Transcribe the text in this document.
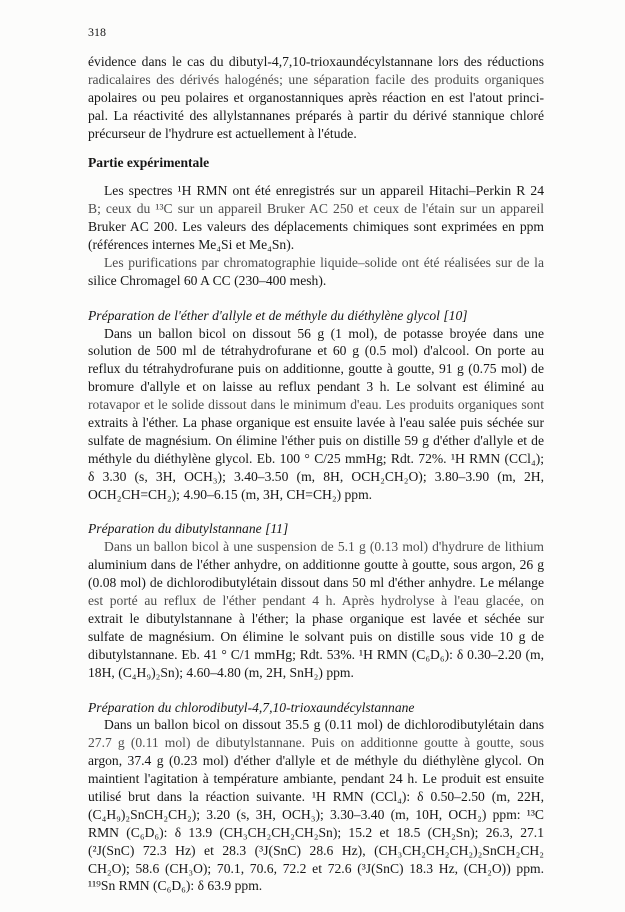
318
évidence dans le cas du dibutyl-4,7,10-trioxaundécylstannane lors des réductions
radicalaires des dérivés halogénés; une séparation facile des produits organiques
apolaires ou peu polaires et organostanniques après réaction en est l'atout princi-
pal. La réactivité des allylstannanes préparés à partir du dérivé stannique chloré
précurseur de l'hydrure est actuellement à l'étude.
Partie expérimentale
Les spectres ¹H RMN ont été enregistrés sur un appareil Hitachi–Perkin R 24
B; ceux du ¹³C sur un appareil Bruker AC 250 et ceux de l'étain sur un appareil
Bruker AC 200. Les valeurs des déplacements chimiques sont exprimées en ppm
(références internes Me₄Si et Me₄Sn).
Les purifications par chromatographie liquide–solide ont été réalisées sur de la
silice Chromagel 60 A CC (230–400 mesh).
Préparation de l'éther d'allyle et de méthyle du diéthylène glycol [10]
Dans un ballon bicol on dissout 56 g (1 mol), de potasse broyée dans une
solution de 500 ml de tétrahydrofurane et 60 g (0.5 mol) d'alcool. On porte au
reflux du tétrahydrofurane puis on additionne, goutte à goutte, 91 g (0.75 mol) de
bromure d'allyle et on laisse au reflux pendant 3 h. Le solvant est éliminé au
rotavapor et le solide dissout dans le minimum d'eau. Les produits organiques sont
extraits à l'éther. La phase organique est ensuite lavée à l'eau salée puis séchée sur
sulfate de magnésium. On élimine l'éther puis on distille 59 g d'éther d'allyle et de
méthyle du diéthylène glycol. Eb. 100 ° C/25 mmHg; Rdt. 72%. ¹H RMN (CCl₄);
δ 3.30 (s, 3H, OCH₃); 3.40–3.50 (m, 8H, OCH₂CH₂O); 3.80–3.90 (m, 2H,
OCH₂CH=CH₂); 4.90–6.15 (m, 3H, CH=CH₂) ppm.
Préparation du dibutylstannane [11]
Dans un ballon bicol à une suspension de 5.1 g (0.13 mol) d'hydrure de lithium
aluminium dans de l'éther anhydre, on additionne goutte à goutte, sous argon, 26 g
(0.08 mol) de dichlorodibutylétain dissout dans 50 ml d'éther anhydre. Le mélange
est porté au reflux de l'éther pendant 4 h. Après hydrolyse à l'eau glacée, on
extrait le dibutylstannane à l'éther; la phase organique est lavée et séchée sur
sulfate de magnésium. On élimine le solvant puis on distille sous vide 10 g de
dibutylstannane. Eb. 41 ° C/1 mmHg; Rdt. 53%. ¹H RMN (C₆D₆): δ 0.30–2.20 (m,
18H, (C₄H₉)₂Sn); 4.60–4.80 (m, 2H, SnH₂) ppm.
Préparation du chlorodibutyl-4,7,10-trioxaundécylstannane
Dans un ballon bicol on dissout 35.5 g (0.11 mol) de dichlorodibutylétain dans
27.7 g (0.11 mol) de dibutylstannane. Puis on additionne goutte à goutte, sous
argon, 37.4 g (0.23 mol) d'éther d'allyle et de méthyle du diéthylène glycol. On
maintient l'agitation à température ambiante, pendant 24 h. Le produit est ensuite
utilisé brut dans la réaction suivante. ¹H RMN (CCl₄): δ 0.50–2.50 (m, 22H,
(C₄H₉)₂SnCH₂CH₂); 3.20 (s, 3H, OCH₃); 3.30–3.40 (m, 10H, OCH₂) ppm: ¹³C
RMN (C₆D₆): δ 13.9 (CH₃CH₂CH₂CH₂Sn); 15.2 et 18.5 (CH₂Sn); 26.3, 27.1
(²J(SnC) 72.3 Hz) et 28.3 (³J(SnC) 28.6 Hz), (CH₃CH₂CH₂CH₂)₂SnCH₂CH₂
CH₂O); 58.6 (CH₃O); 70.1, 70.6, 72.2 et 72.6 (³J(SnC) 18.3 Hz, (CH₂O)) ppm.
¹¹⁹Sn RMN (C₆D₆): δ 63.9 ppm.
